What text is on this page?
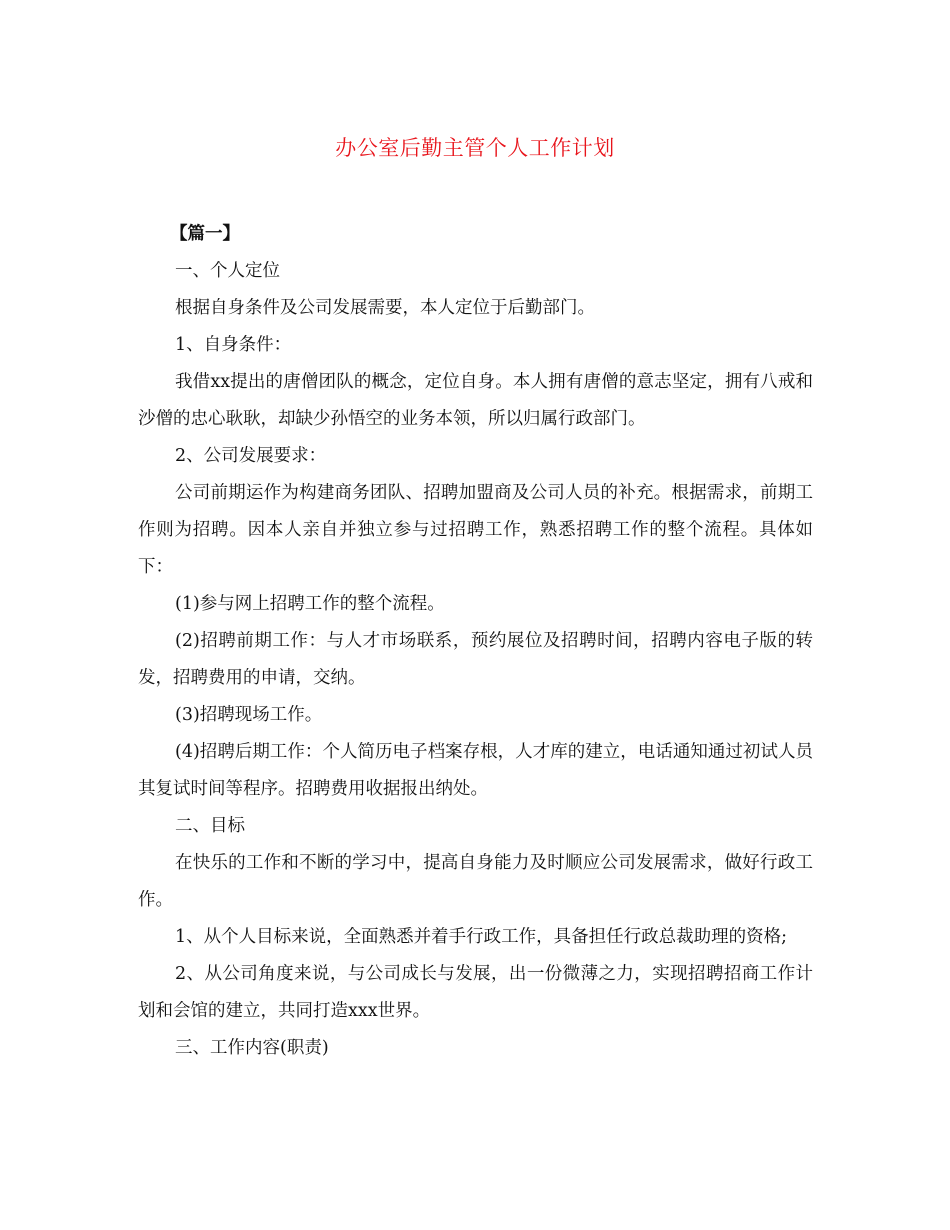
办公室后勤主管个人工作计划

【篇一】

一、个人定位

根据自身条件及公司发展需要，本人定位于后勤部门。

1、自身条件：

我借xx提出的唐僧团队的概念，定位自身。本人拥有唐僧的意志坚定，拥有八戒和沙僧的忠心耿耿，却缺少孙悟空的业务本领，所以归属行政部门。

2、公司发展要求：

公司前期运作为构建商务团队、招聘加盟商及公司人员的补充。根据需求，前期工作则为招聘。因本人亲自并独立参与过招聘工作，熟悉招聘工作的整个流程。具体如下：

(1)参与网上招聘工作的整个流程。

(2)招聘前期工作：与人才市场联系，预约展位及招聘时间，招聘内容电子版的转发，招聘费用的申请，交纳。

(3)招聘现场工作。

(4)招聘后期工作：个人简历电子档案存根，人才库的建立，电话通知通过初试人员其复试时间等程序。招聘费用收据报出纳处。

二、目标

在快乐的工作和不断的学习中，提高自身能力及时顺应公司发展需求，做好行政工作。

1、从个人目标来说，全面熟悉并着手行政工作，具备担任行政总裁助理的资格;

2、从公司角度来说，与公司成长与发展，出一份微薄之力，实现招聘招商工作计划和会馆的建立，共同打造xxx世界。

三、工作内容(职责)
